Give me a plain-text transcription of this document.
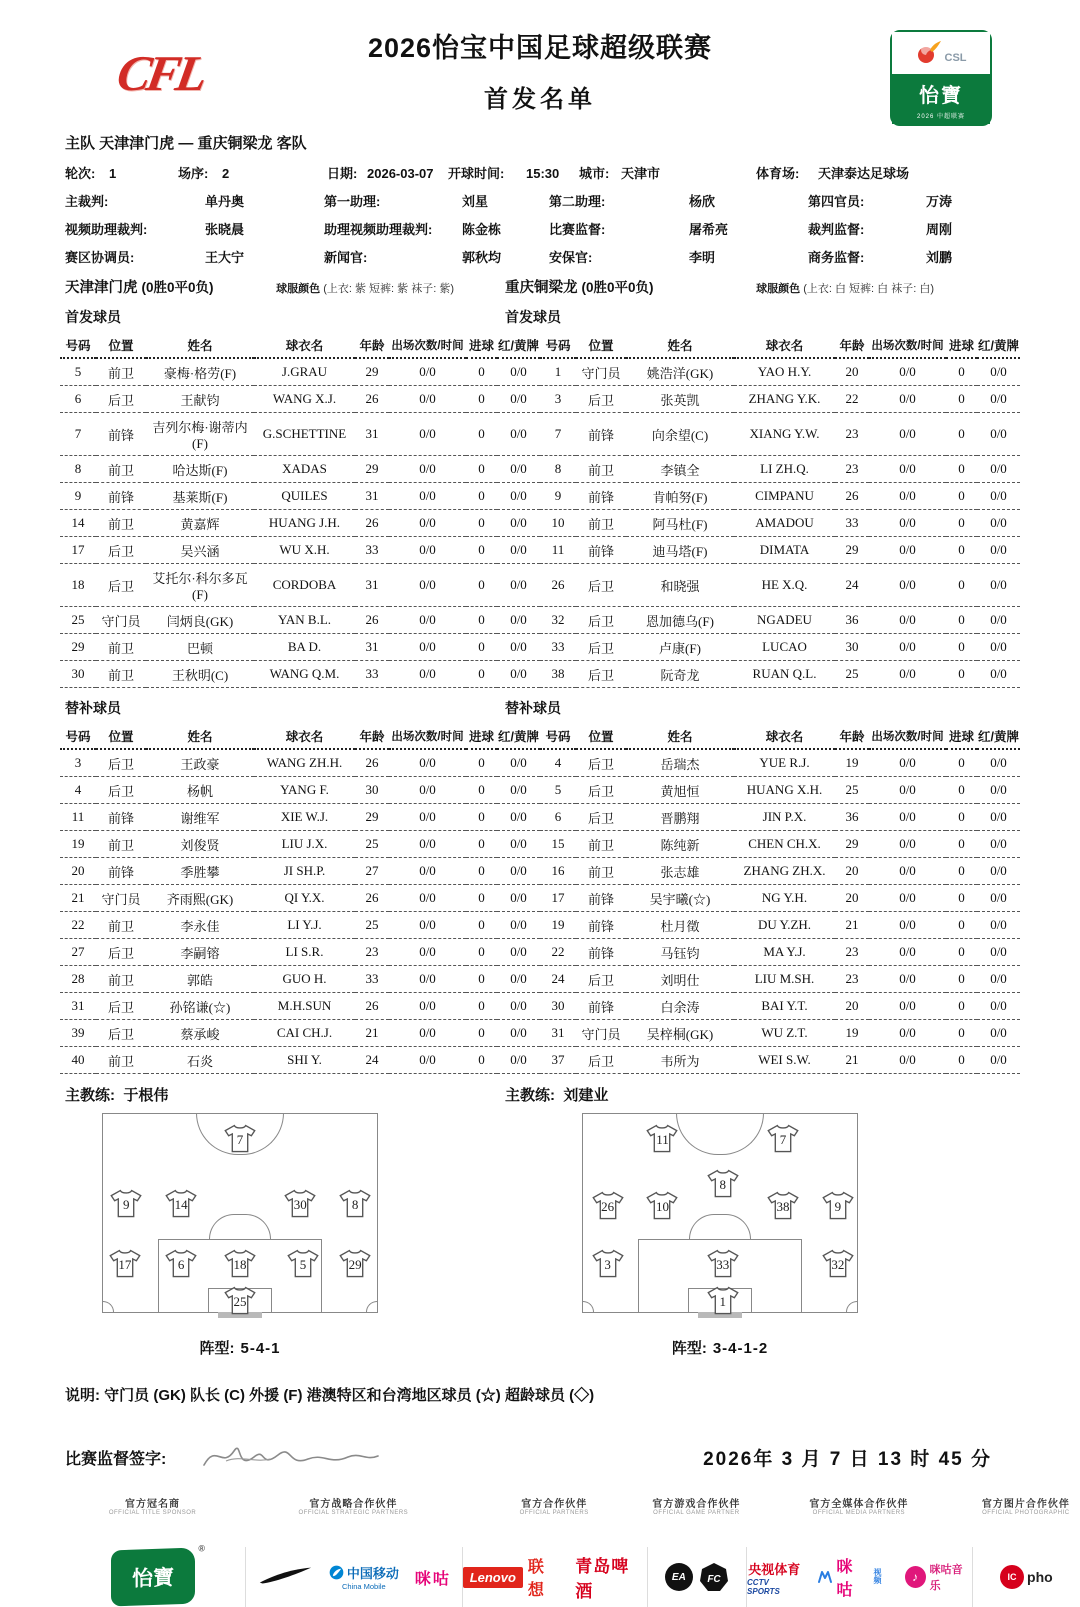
CFL	2026怡宝中国足球超级联赛
首发名单
CSL
怡寶
2026 中超联赛
主队 天津津门虎 — 重庆铜梁龙 客队
轮次:	1	场序:	2	日期: 2026-03-07 开球时间:	15:30 城市: 天津市	体育场:	天津泰达足球场
主裁判:	单丹奥	第一助理:	刘星	第二助理:	杨欣	第四官员:	万涛
视频助理裁判:	张晓晨	助理视频助理裁判:	陈金栋	比赛监督:	屠希亮	裁判监督:	周刚
赛区协调员:	王大宁	新闻官:	郭秋均	安保官:	李明	商务监督:	刘鹏
天津津门虎 (0胜0平0负)	球服颜色 (上衣: 紫 短裤: 紫 袜子: 紫)	重庆铜梁龙 (0胜0平0负)	球服颜色 (上衣: 白 短裤: 白 袜子: 白)
首发球员	首发球员
号码	位置	姓名	球衣名	年龄	出场次数/时间	进球	红/黄牌	号码	位置	姓名	球衣名	年龄	出场次数/时间	进球	红/黄牌
5	前卫	豪梅·格劳(F)	J.GRAU	29	0/0	0	0/0	1	守门员	姚浩洋(GK)	YAO H.Y.	20	0/0	0	0/0
6	后卫	王献钧	WANG X.J.	26	0/0	0	0/0	3	后卫	张英凯	ZHANG Y.K.	22	0/0	0	0/0
7	前锋	吉列尔梅·谢蒂内(F)	G.SCHETTINE	31	0/0	0	0/0	7	前锋	向余望(C)	XIANG Y.W.	23	0/0	0	0/0
8	前卫	哈达斯(F)	XADAS	29	0/0	0	0/0	8	前卫	李镇全	LI ZH.Q.	23	0/0	0	0/0
9	前锋	基莱斯(F)	QUILES	31	0/0	0	0/0	9	前锋	肯帕努(F)	CIMPANU	26	0/0	0	0/0
14	前卫	黄嘉辉	HUANG J.H.	26	0/0	0	0/0	10	前卫	阿马杜(F)	AMADOU	33	0/0	0	0/0
17	后卫	吴兴涵	WU X.H.	33	0/0	0	0/0	11	前锋	迪马塔(F)	DIMATA	29	0/0	0	0/0
18	后卫	艾托尔·科尔多瓦(F)	CORDOBA	31	0/0	0	0/0	26	后卫	和晓强	HE X.Q.	24	0/0	0	0/0
25	守门员	闫炳良(GK)	YAN B.L.	26	0/0	0	0/0	32	后卫	恩加德乌(F)	NGADEU	36	0/0	0	0/0
29	前卫	巴顿	BA D.	31	0/0	0	0/0	33	后卫	卢康(F)	LUCAO	30	0/0	0	0/0
30	前卫	王秋明(C)	WANG Q.M.	33	0/0	0	0/0	38	后卫	阮奇龙	RUAN Q.L.	25	0/0	0	0/0
替补球员	替补球员
号码	位置	姓名	球衣名	年龄	出场次数/时间	进球	红/黄牌	号码	位置	姓名	球衣名	年龄	出场次数/时间	进球	红/黄牌
3	后卫	王政豪	WANG ZH.H.	26	0/0	0	0/0	4	后卫	岳瑞杰	YUE R.J.	19	0/0	0	0/0
4	后卫	杨帆	YANG F.	30	0/0	0	0/0	5	后卫	黄旭恒	HUANG X.H.	25	0/0	0	0/0
11	前锋	谢维军	XIE W.J.	29	0/0	0	0/0	6	后卫	晋鹏翔	JIN P.X.	36	0/0	0	0/0
19	前卫	刘俊贤	LIU J.X.	25	0/0	0	0/0	15	前卫	陈纯新	CHEN CH.X.	29	0/0	0	0/0
20	前锋	季胜攀	JI SH.P.	27	0/0	0	0/0	16	前卫	张志雄	ZHANG ZH.X.	20	0/0	0	0/0
21	守门员	齐雨熙(GK)	QI Y.X.	26	0/0	0	0/0	17	前锋	吴宇曦(☆)	NG Y.H.	20	0/0	0	0/0
22	前卫	李永佳	LI Y.J.	25	0/0	0	0/0	19	前锋	杜月徵	DU Y.ZH.	21	0/0	0	0/0
27	后卫	李嗣镕	LI S.R.	23	0/0	0	0/0	22	前锋	马钰钧	MA Y.J.	23	0/0	0	0/0
28	前卫	郭皓	GUO H.	33	0/0	0	0/0	24	后卫	刘明仕	LIU M.SH.	23	0/0	0	0/0
31	后卫	孙铭谦(☆)	M.H.SUN	26	0/0	0	0/0	30	前锋	白余涛	BAI Y.T.	20	0/0	0	0/0
39	后卫	蔡承峻	CAI CH.J.	21	0/0	0	0/0	31	守门员	吴梓桐(GK)	WU Z.T.	19	0/0	0	0/0
40	前卫	石炎	SHI Y.	24	0/0	0	0/0	37	后卫	韦所为	WEI S.W.	21	0/0	0	0/0
主教练: 于根伟	主教练: 刘建业
7
9	14	30	8
17	6	18	5	29
25
阵型: 5-4-1
11	7
8
26	10	38	9
3	33	32
1
阵型: 3-4-1-2
说明: 守门员 (GK) 队长 (C) 外援 (F) 港澳特区和台湾地区球员 (☆) 超龄球员 (◇)
比赛监督签字:	2026年 3 月 7 日 13 时 45 分
官方冠名商
OFFICIAL TITLE SPONSOR
官方战略合作伙伴
OFFICIAL STRATEGIC PARTNERS
官方合作伙伴
OFFICIAL PARTNERS
官方游戏合作伙伴
OFFICIAL GAME PARTNER
官方全媒体合作伙伴
OFFICIAL MEDIA PARTNERS
官方图片合作伙伴
OFFICIAL PHOTOGRAPHIC
怡寶
®
中国移动
China Mobile 咪咕	Lenovo
联想
青岛啤酒
EA	FC
央视体育
CCTV SPORTS
咪咕
视频	♪	咪咕音乐
IC pho
